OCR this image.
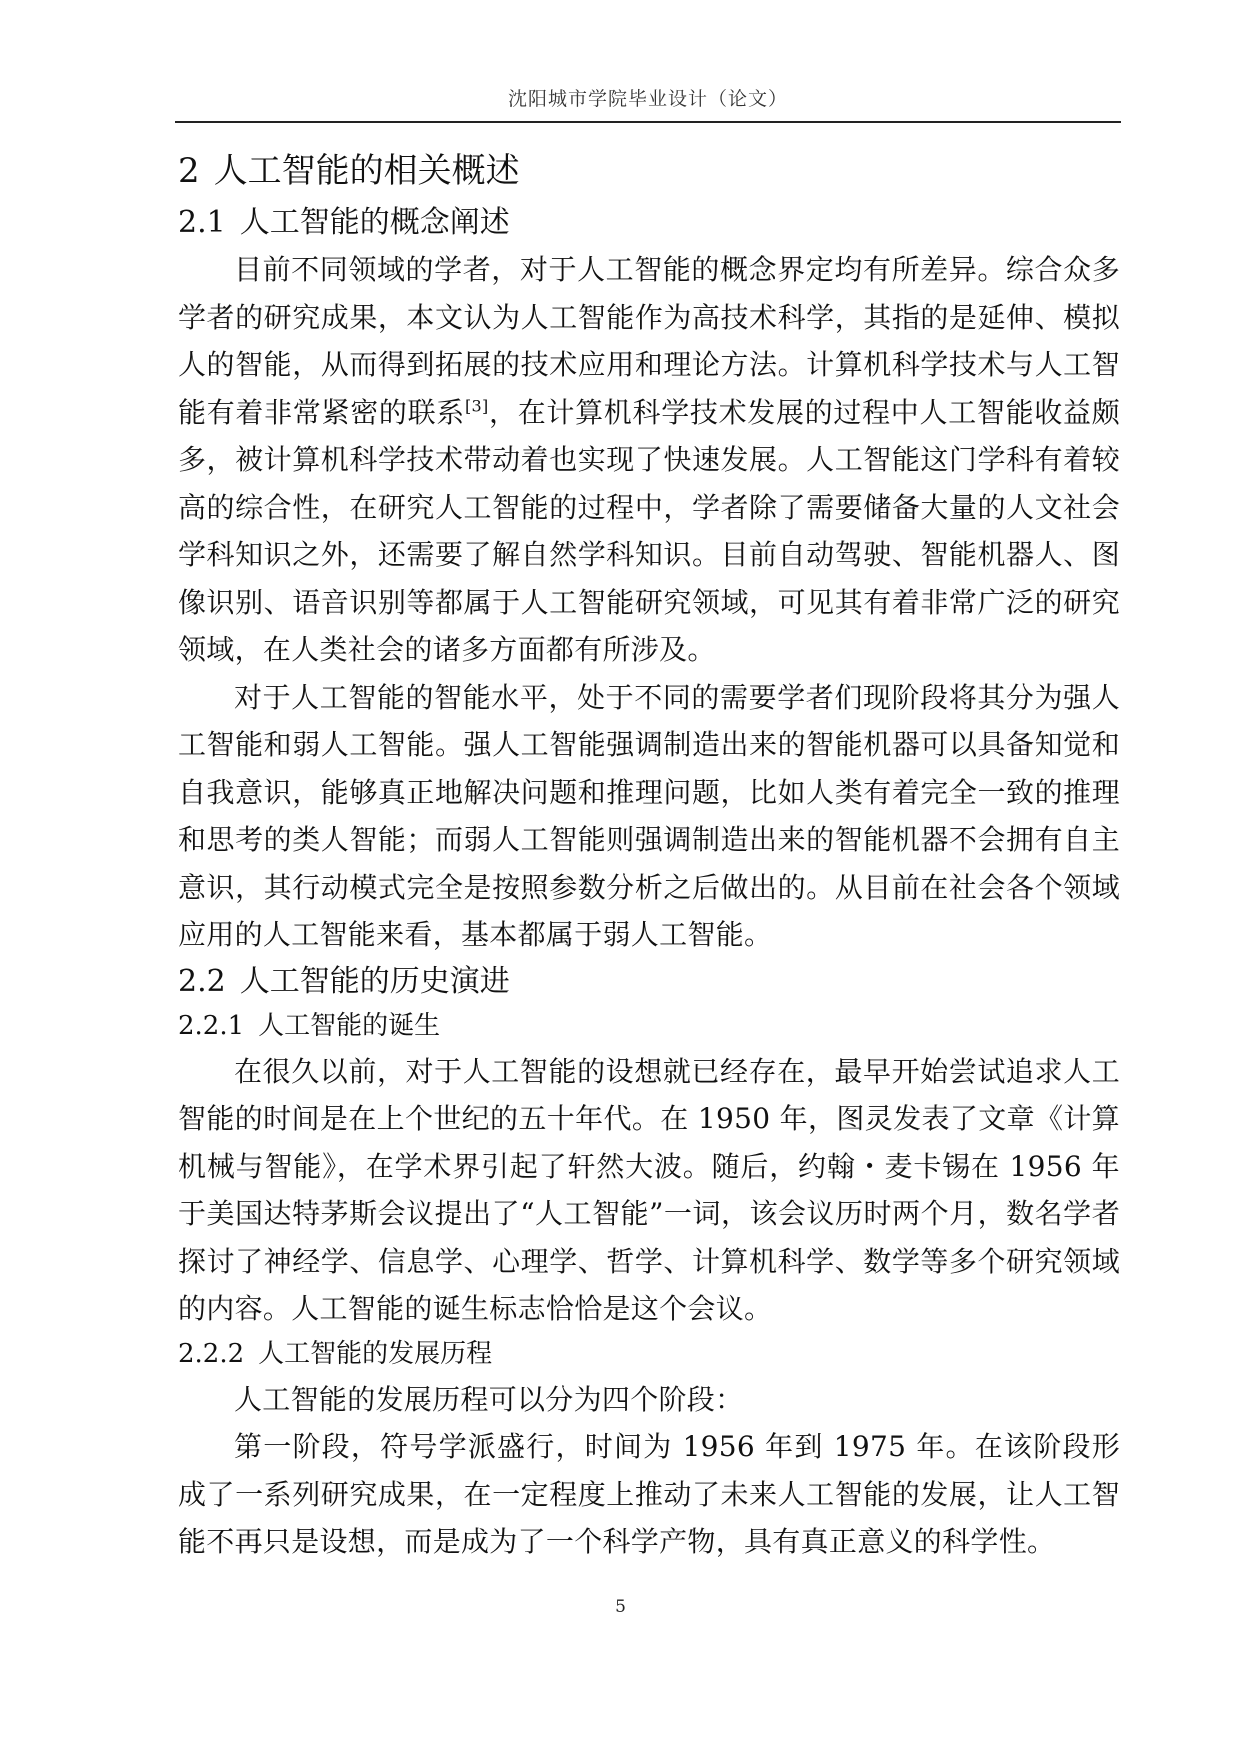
沈阳城市学院毕业设计（论文）
2 人工智能的相关概述
2.1 人工智能的概念阐述

目前不同领域的学者，对于人工智能的概念界定均有所差异。综合众多学者的研究成果，本文认为人工智能作为高技术科学，其指的是延伸、模拟人的智能，从而得到拓展的技术应用和理论方法。计算机科学技术与人工智能有着非常紧密的联系[3]，在计算机科学技术发展的过程中人工智能收益颇多，被计算机科学技术带动着也实现了快速发展。人工智能这门学科有着较高的综合性，在研究人工智能的过程中，学者除了需要储备大量的人文社会学科知识之外，还需要了解自然学科知识。目前自动驾驶、智能机器人、图像识别、语音识别等都属于人工智能研究领域，可见其有着非常广泛的研究领域，在人类社会的诸多方面都有所涉及。

对于人工智能的智能水平，处于不同的需要学者们现阶段将其分为强人工智能和弱人工智能。强人工智能强调制造出来的智能机器可以具备知觉和自我意识，能够真正地解决问题和推理问题，比如人类有着完全一致的推理和思考的类人智能；而弱人工智能则强调制造出来的智能机器不会拥有自主意识，其行动模式完全是按照参数分析之后做出的。从目前在社会各个领域应用的人工智能来看，基本都属于弱人工智能。

2.2 人工智能的历史演进
2.2.1 人工智能的诞生

在很久以前，对于人工智能的设想就已经存在，最早开始尝试追求人工智能的时间是在上个世纪的五十年代。在 1950 年，图灵发表了文章《计算机械与智能》，在学术界引起了轩然大波。随后，约翰・麦卡锡在 1956 年于美国达特茅斯会议提出了“人工智能”一词，该会议历时两个月，数名学者探讨了神经学、信息学、心理学、哲学、计算机科学、数学等多个研究领域的内容。人工智能的诞生标志恰恰是这个会议。

2.2.2 人工智能的发展历程

人工智能的发展历程可以分为四个阶段：

第一阶段，符号学派盛行，时间为 1956 年到 1975 年。在该阶段形成了一系列研究成果，在一定程度上推动了未来人工智能的发展，让人工智能不再只是设想，而是成为了一个科学产物，具有真正意义的科学性。

5
